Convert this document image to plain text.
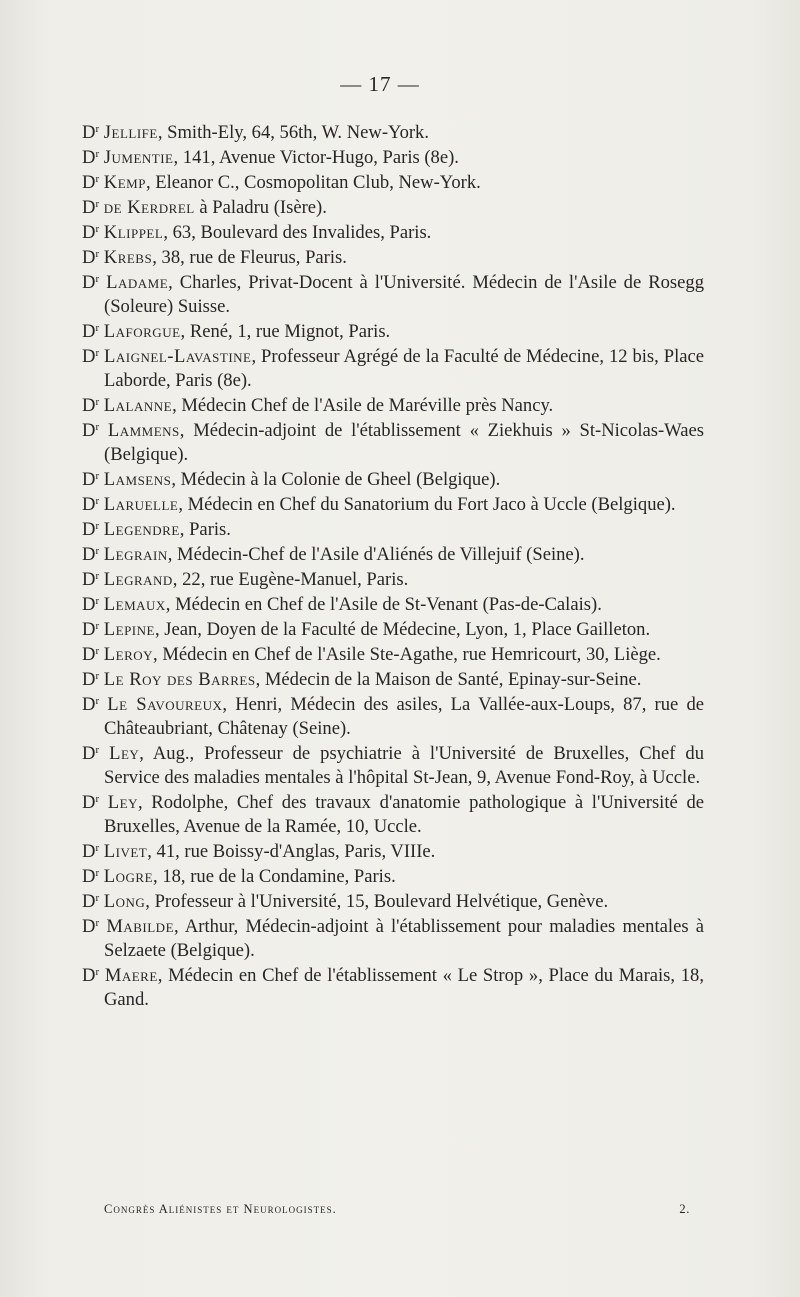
— 17 —
$D^r$ Jellife, Smith-Ely, 64, 56th, W. New-York.
$D^r$ Jumentie, 141, Avenue Victor-Hugo, Paris (8e).
$D^r$ Kemp, Eleanor C., Cosmopolitan Club, New-York.
$D^r$ de Kerdrel à Paladru (Isère).
$D^r$ Klippel, 63, Boulevard des Invalides, Paris.
$D^r$ Krebs, 38, rue de Fleurus, Paris.
$D^r$ Ladame, Charles, Privat-Docent à l'Université. Médecin de l'Asile de Rosegg (Soleure) Suisse.
$D^r$ Laforgue, René, 1, rue Mignot, Paris.
$D^r$ Laignel-Lavastine, Professeur Agrégé de la Faculté de Médecine, 12 bis, Place Laborde, Paris (8e).
$D^r$ Lalanne, Médecin Chef de l'Asile de Maréville près Nancy.
$D^r$ Lammens, Médecin-adjoint de l'établissement « Ziekhuis » St-Nicolas-Waes (Belgique).
$D^r$ Lamsens, Médecin à la Colonie de Gheel (Belgique).
$D^r$ Laruelle, Médecin en Chef du Sanatorium du Fort Jaco à Uccle (Belgique).
$D^r$ Legendre, Paris.
$D^r$ Legrain, Médecin-Chef de l'Asile d'Aliénés de Villejuif (Seine).
$D^r$ Legrand, 22, rue Eugène-Manuel, Paris.
$D^r$ Lemaux, Médecin en Chef de l'Asile de St-Venant (Pas-de-Calais).
$D^r$ Lepine, Jean, Doyen de la Faculté de Médecine, Lyon, 1, Place Gailleton.
$D^r$ Leroy, Médecin en Chef de l'Asile Ste-Agathe, rue Hemricourt, 30, Liège.
$D^r$ Le Roy des Barres, Médecin de la Maison de Santé, Epinay-sur-Seine.
$D^r$ Le Savoureux, Henri, Médecin des asiles, La Vallée-aux-Loups, 87, rue de Châteaubriant, Châtenay (Seine).
$D^r$ Ley, Aug., Professeur de psychiatrie à l'Université de Bruxelles, Chef du Service des maladies mentales à l'hôpital St-Jean, 9, Avenue Fond-Roy, à Uccle.
$D^r$ Ley, Rodolphe, Chef des travaux d'anatomie pathologique à l'Université de Bruxelles, Avenue de la Ramée, 10, Uccle.
$D^r$ Livet, 41, rue Boissy-d'Anglas, Paris, VIIIe.
$D^r$ Logre, 18, rue de la Condamine, Paris.
$D^r$ Long, Professeur à l'Université, 15, Boulevard Helvétique, Genève.
$D^r$ Mabilde, Arthur, Médecin-adjoint à l'établissement pour maladies mentales à Selzaete (Belgique).
$D^r$ Maere, Médecin en Chef de l'établissement « Le Strop », Place du Marais, 18, Gand.
Congrès Aliénistes et Neurologistes.	2.
